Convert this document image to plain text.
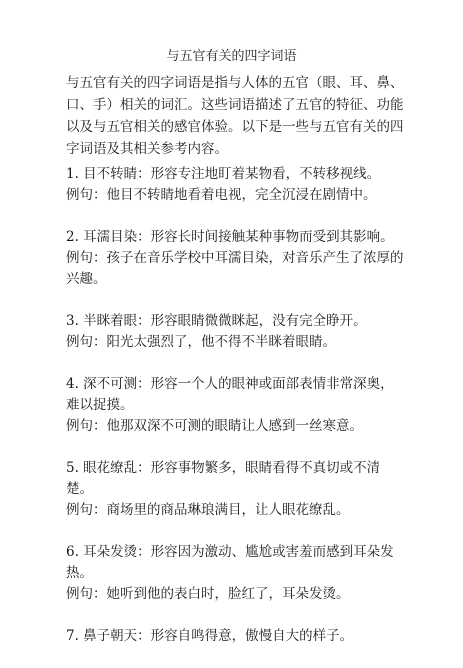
与五官有关的四字词语
与五官有关的四字词语是指与人体的五官（眼、耳、鼻、口、手）相关的词汇。这些词语描述了五官的特征、功能以及与五官相关的感官体验。以下是一些与五官有关的四字词语及其相关参考内容。

1. 目不转睛：形容专注地盯着某物看，不转移视线。

例句：他目不转睛地看着电视，完全沉浸在剧情中。

2. 耳濡目染：形容长时间接触某种事物而受到其影响。

例句：孩子在音乐学校中耳濡目染，对音乐产生了浓厚的兴趣。

3. 半眯着眼：形容眼睛微微眯起，没有完全睁开。

例句：阳光太强烈了，他不得不半眯着眼睛。

4. 深不可测：形容一个人的眼神或面部表情非常深奥，难以捉摸。

例句：他那双深不可测的眼睛让人感到一丝寒意。

5. 眼花缭乱：形容事物繁多，眼睛看得不真切或不清楚。

例句：商场里的商品琳琅满目，让人眼花缭乱。

6. 耳朵发烫：形容因为激动、尴尬或害羞而感到耳朵发热。

例句：她听到他的表白时，脸红了，耳朵发烫。

7. 鼻子朝天：形容自鸣得意，傲慢自大的样子。
